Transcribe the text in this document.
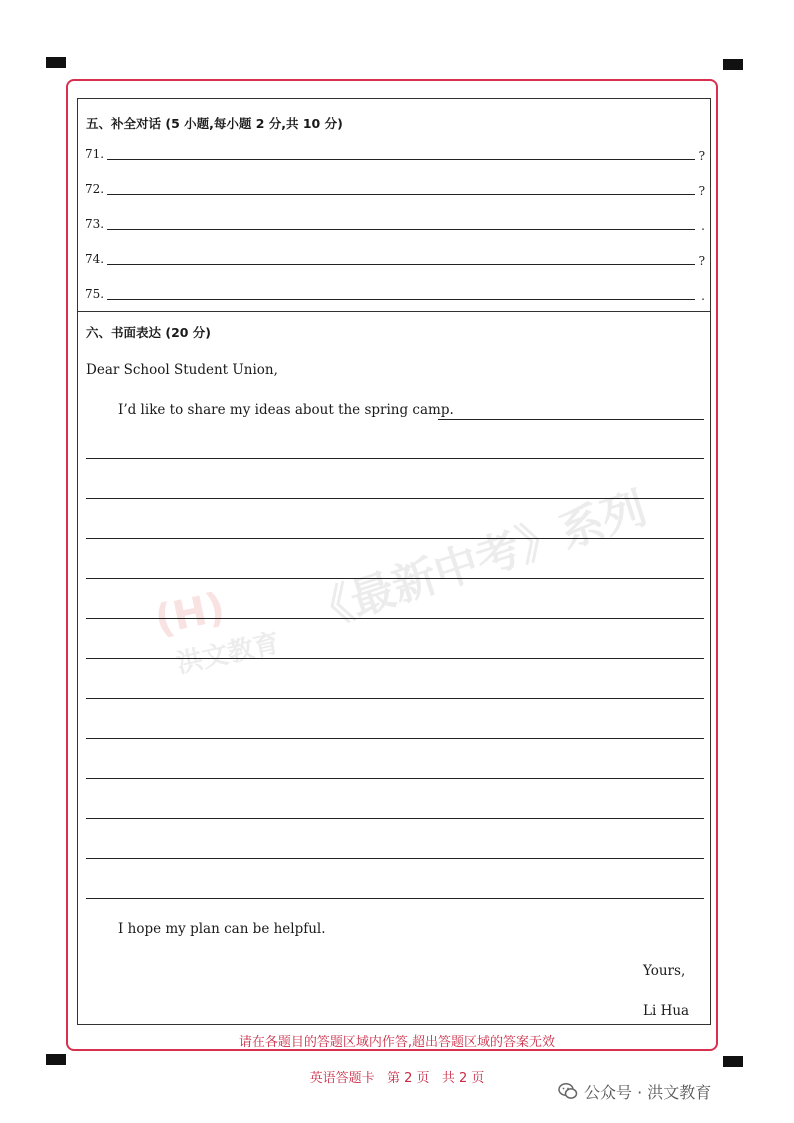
(H)
洪文教育
《最新中考》系列
五、补全对话 (5 小题,每小题 2 分,共 10 分)
71.	?
72.	?
73.	.
74.	?
75.	.
六、书面表达 (20 分)
Dear School Student Union,
I’d like to share my ideas about the spring camp.
I hope my plan can be helpful.
Yours,
Li Hua
请在各题目的答题区域内作答,超出答题区域的答案无效
英语答题卡   第 2 页   共 2 页
公众号 · 洪文教育
